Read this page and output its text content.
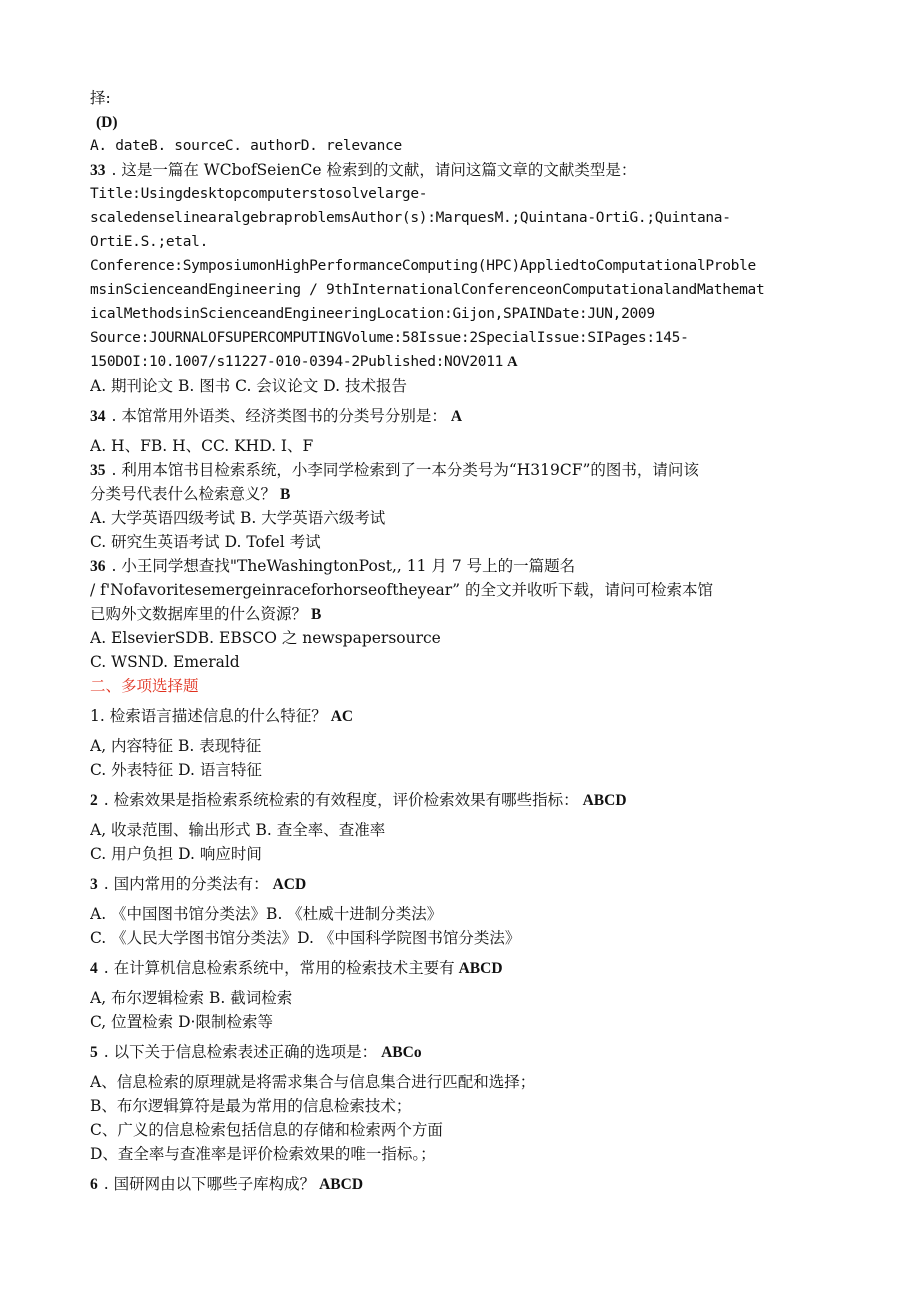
择:
(D)
A. dateB. sourceC. authorD. relevance
33 . 这是一篇在 WCbofSeienCe 检索到的文献，请问这篇文章的文献类型是：
Title:Usingdesktopcomputerstosolvelarge-
scaledenselinearalgebraproblemsAuthor(s):MarquesM.;Quintana-OrtiG.;Quintana-
OrtiE.S.;etal.
Conference:SymposiumonHighPerformanceComputing(HPC)AppliedtoComputationalProble
msinScienceandEngineering / 9thInternationalConferenceonComputationalandMathemat
icalMethodsinScienceandEngineeringLocation:Gijon,SPAINDate:JUN,2009
Source:JOURNALOFSUPERCOMPUTINGVolume:58Issue:2SpecialIssue:SIPages:145-
150DOI:10.1007/s11227-010-0394-2Published:NOV2011 A
A. 期刊论文 B. 图书 C. 会议论文 D. 技术报告
34 . 本馆常用外语类、经济类图书的分类号分别是： A
A. H、FB. H、CC. KHD. I、F
35 . 利用本馆书目检索系统，小李同学检索到了一本分类号为“H319CF”的图书，请问该
分类号代表什么检索意义？ B
A. 大学英语四级考试 B. 大学英语六级考试
C. 研究生英语考试 D. Tofel 考试
36 . 小王同学想查找"TheWashingtonPost,, 11 月 7 号上的一篇题名
/ f'Nofavoritesemergeinraceforhorseoftheyear” 的全文并收听下载，请问可检索本馆
已购外文数据库里的什么资源？ B
A. ElsevierSDB. EBSCO 之 newspapersource
C. WSND. Emerald
二、多项选择题
1. 检索语言描述信息的什么特征？ AC
A, 内容特征 B. 表现特征
C. 外表特征 D. 语言特征
2 . 检索效果是指检索系统检索的有效程度，评价检索效果有哪些指标： ABCD
A, 收录范围、输出形式 B. 查全率、查准率
C. 用户负担 D. 响应时间
3 . 国内常用的分类法有： ACD
A. 《中国图书馆分类法》B. 《杜威十进制分类法》
C. 《人民大学图书馆分类法》D. 《中国科学院图书馆分类法》
4 . 在计算机信息检索系统中，常用的检索技术主要有 ABCD
A, 布尔逻辑检索 B. 截词检索
C, 位置检索 D·限制检索等
5 . 以下关于信息检索表述正确的选项是： ABCo
A、信息检索的原理就是将需求集合与信息集合进行匹配和选择；
B、布尔逻辑算符是最为常用的信息检索技术；
C、广义的信息检索包括信息的存储和检索两个方面
D、查全率与查准率是评价检索效果的唯一指标。；
6 . 国研网由以下哪些子库构成？ ABCD
